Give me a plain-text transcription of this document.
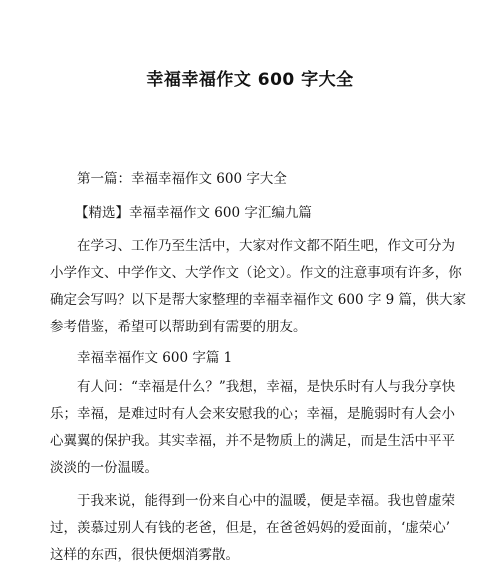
幸福幸福作文 600 字大全
第一篇：幸福幸福作文 600 字大全
【精选】幸福幸福作文 600 字汇编九篇
在学习、工作乃至生活中，大家对作文都不陌生吧，作文可分为
小学作文、中学作文、大学作文（论文）。作文的注意事项有许多，你
确定会写吗？以下是帮大家整理的幸福幸福作文 600 字 9 篇，供大家
参考借鉴，希望可以帮助到有需要的朋友。
幸福幸福作文 600 字篇 1
有人问：“幸福是什么？”我想，幸福，是快乐时有人与我分享快
乐；幸福，是难过时有人会来安慰我的心；幸福，是脆弱时有人会小
心翼翼的保护我。其实幸福，并不是物质上的满足，而是生活中平平
淡淡的一份温暖。
于我来说，能得到一份来自心中的温暖，便是幸福。我也曾虚荣
过，羡慕过别人有钱的老爸，但是，在爸爸妈妈的爱面前，‘虚荣心’
这样的东西，很快便烟消雾散。
